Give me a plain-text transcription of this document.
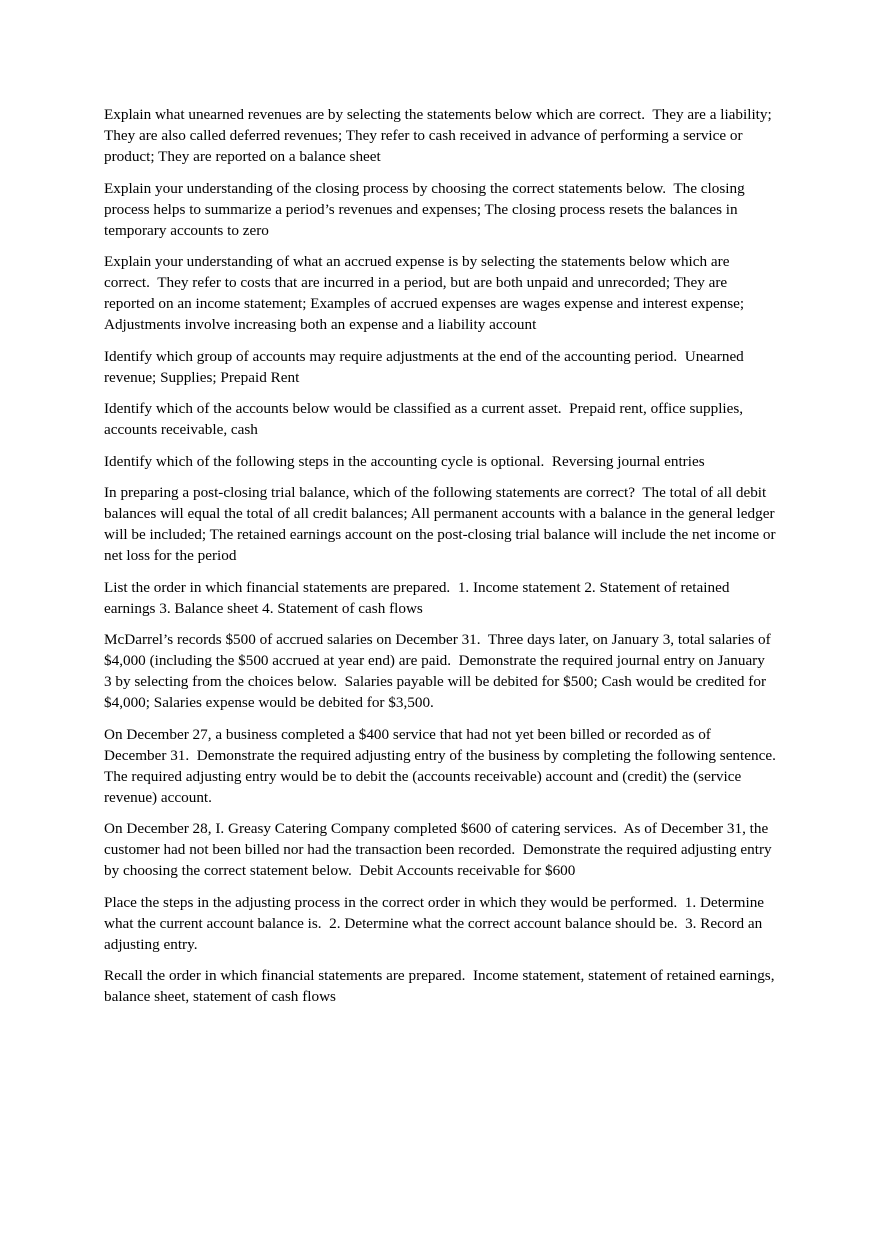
Explain what unearned revenues are by selecting the statements below which are correct.  They are a liability; They are also called deferred revenues; They refer to cash received in advance of performing a service or product; They are reported on a balance sheet

Explain your understanding of the closing process by choosing the correct statements below.  The closing process helps to summarize a period’s revenues and expenses; The closing process resets the balances in temporary accounts to zero

Explain your understanding of what an accrued expense is by selecting the statements below which are correct.  They refer to costs that are incurred in a period, but are both unpaid and unrecorded; They are reported on an income statement; Examples of accrued expenses are wages expense and interest expense; Adjustments involve increasing both an expense and a liability account

Identify which group of accounts may require adjustments at the end of the accounting period.  Unearned revenue; Supplies; Prepaid Rent

Identify which of the accounts below would be classified as a current asset.  Prepaid rent, office supplies, accounts receivable, cash

Identify which of the following steps in the accounting cycle is optional.  Reversing journal entries

In preparing a post-closing trial balance, which of the following statements are correct?  The total of all debit balances will equal the total of all credit balances; All permanent accounts with a balance in the general ledger will be included; The retained earnings account on the post-closing trial balance will include the net income or net loss for the period

List the order in which financial statements are prepared.  1. Income statement 2. Statement of retained earnings 3. Balance sheet 4. Statement of cash flows

McDarrel’s records $500 of accrued salaries on December 31.  Three days later, on January 3, total salaries of $4,000 (including the $500 accrued at year end) are paid.  Demonstrate the required journal entry on January 3 by selecting from the choices below.  Salaries payable will be debited for $500; Cash would be credited for $4,000; Salaries expense would be debited for $3,500.

On December 27, a business completed a $400 service that had not yet been billed or recorded as of December 31.  Demonstrate the required adjusting entry of the business by completing the following sentence.  The required adjusting entry would be to debit the (accounts receivable) account and (credit) the (service revenue) account.

On December 28, I. Greasy Catering Company completed $600 of catering services.  As of December 31, the customer had not been billed nor had the transaction been recorded.  Demonstrate the required adjusting entry by choosing the correct statement below.  Debit Accounts receivable for $600

Place the steps in the adjusting process in the correct order in which they would be performed.  1. Determine what the current account balance is.  2. Determine what the correct account balance should be.  3. Record an adjusting entry.

Recall the order in which financial statements are prepared.  Income statement, statement of retained earnings, balance sheet, statement of cash flows
